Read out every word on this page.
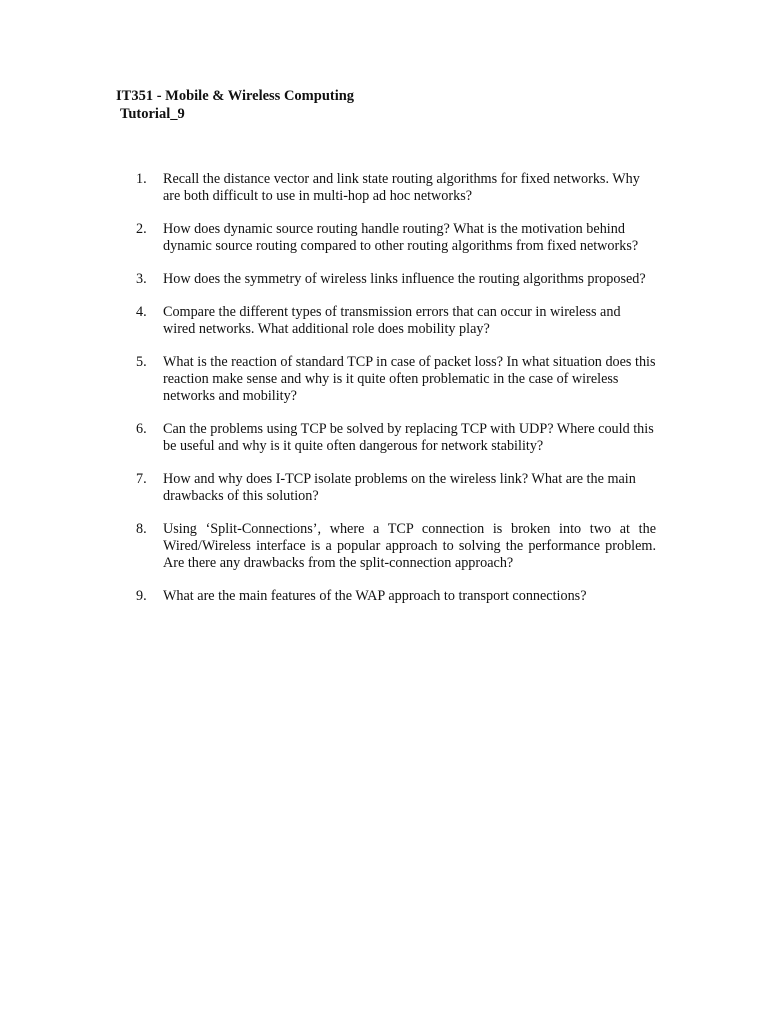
IT351 - Mobile & Wireless Computing
Tutorial_9
1.	Recall the distance vector and link state routing algorithms for fixed networks. Why are both difficult to use in multi-hop ad hoc networks?
2.	How does dynamic source routing handle routing? What is the motivation behind dynamic source routing compared to other routing algorithms from fixed networks?
3.	How does the symmetry of wireless links influence the routing algorithms proposed?
4.	Compare the different types of transmission errors that can occur in wireless and wired networks. What additional role does mobility play?
5.	What is the reaction of standard TCP in case of packet loss? In what situation does this reaction make sense and why is it quite often problematic in the case of wireless networks and mobility?
6.	Can the problems using TCP be solved by replacing TCP with UDP? Where could this be useful and why is it quite often dangerous for network stability?
7.	How and why does I-TCP isolate problems on the wireless link? What are the main drawbacks of this solution?
8.	Using ‘Split-Connections’, where a TCP connection is broken into two at the Wired/Wireless interface is a popular approach to solving the performance problem. Are there any drawbacks from the split-connection approach?
9.	What are the main features of the WAP approach to transport connections?
